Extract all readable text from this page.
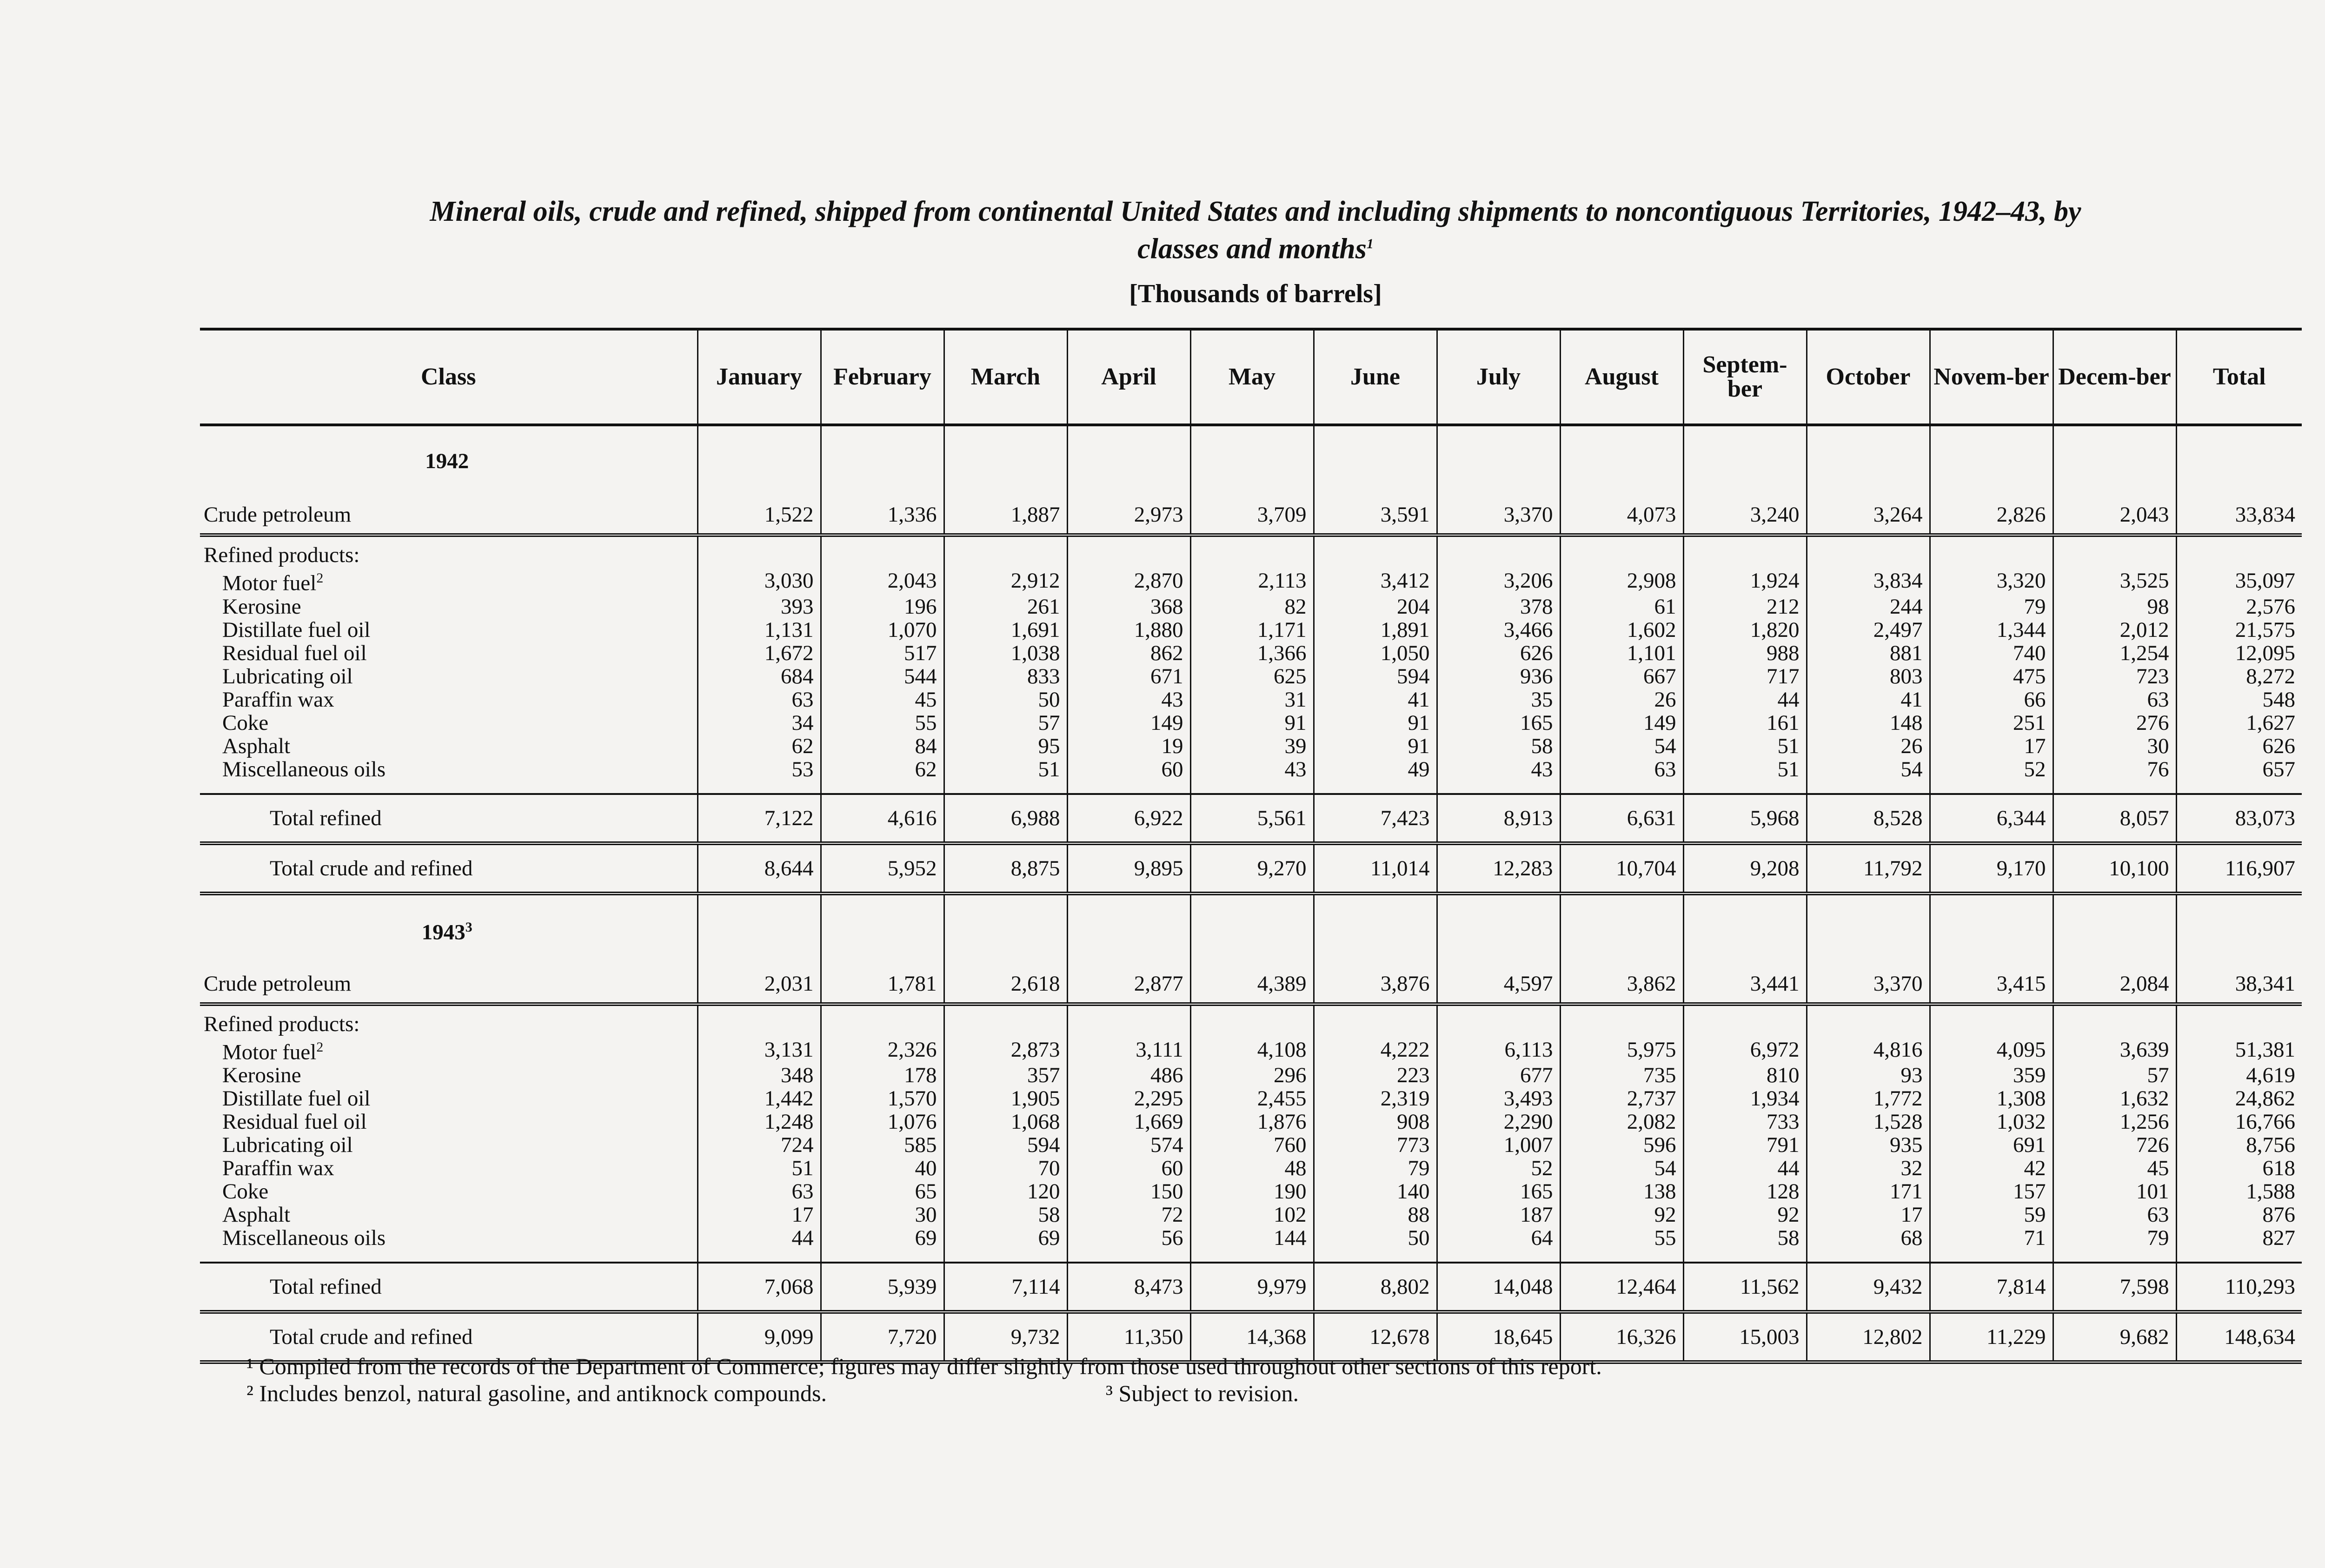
Mineral oils, crude and refined, shipped from continental United States and including shipments to noncontiguous Territories, 1942–43, by
classes and months$^1$
[Thousands of barrels]
Class	January	February	March	April	May	June	July	August	Septem-ber	October	Novem-ber	Decem-ber	Total
1942													
Crude petroleum	1,522	1,336	1,887	2,973	3,709	3,591	3,370	4,073	3,240	3,264	2,826	2,043	33,834
Refined products:													
Motor fuel$^2$	3,030	2,043	2,912	2,870	2,113	3,412	3,206	2,908	1,924	3,834	3,320	3,525	35,097
Kerosine	393	196	261	368	82	204	378	61	212	244	79	98	2,576
Distillate fuel oil	1,131	1,070	1,691	1,880	1,171	1,891	3,466	1,602	1,820	2,497	1,344	2,012	21,575
Residual fuel oil	1,672	517	1,038	862	1,366	1,050	626	1,101	988	881	740	1,254	12,095
Lubricating oil	684	544	833	671	625	594	936	667	717	803	475	723	8,272
Paraffin wax	63	45	50	43	31	41	35	26	44	41	66	63	548
Coke	34	55	57	149	91	91	165	149	161	148	251	276	1,627
Asphalt	62	84	95	19	39	91	58	54	51	26	17	30	626
Miscellaneous oils	53	62	51	60	43	49	43	63	51	54	52	76	657

Total refined	7,122	4,616	6,988	6,922	5,561	7,423	8,913	6,631	5,968	8,528	6,344	8,057	83,073
Total crude and refined	8,644	5,952	8,875	9,895	9,270	11,014	12,283	10,704	9,208	11,792	9,170	10,100	116,907
1943$^3$													
Crude petroleum	2,031	1,781	2,618	2,877	4,389	3,876	4,597	3,862	3,441	3,370	3,415	2,084	38,341
Refined products:													
Motor fuel$^2$	3,131	2,326	2,873	3,111	4,108	4,222	6,113	5,975	6,972	4,816	4,095	3,639	51,381
Kerosine	348	178	357	486	296	223	677	735	810	93	359	57	4,619
Distillate fuel oil	1,442	1,570	1,905	2,295	2,455	2,319	3,493	2,737	1,934	1,772	1,308	1,632	24,862
Residual fuel oil	1,248	1,076	1,068	1,669	1,876	908	2,290	2,082	733	1,528	1,032	1,256	16,766
Lubricating oil	724	585	594	574	760	773	1,007	596	791	935	691	726	8,756
Paraffin wax	51	40	70	60	48	79	52	54	44	32	42	45	618
Coke	63	65	120	150	190	140	165	138	128	171	157	101	1,588
Asphalt	17	30	58	72	102	88	187	92	92	17	59	63	876
Miscellaneous oils	44	69	69	56	144	50	64	55	58	68	71	79	827

Total refined	7,068	5,939	7,114	8,473	9,979	8,802	14,048	12,464	11,562	9,432	7,814	7,598	110,293
Total crude and refined	9,099	7,720	9,732	11,350	14,368	12,678	18,645	16,326	15,003	12,802	11,229	9,682	148,634
¹ Compiled from the records of the Department of Commerce; figures may differ slightly from those used throughout other sections of this report.
² Includes benzol, natural gasoline, and antiknock compounds.	³ Subject to revision.
